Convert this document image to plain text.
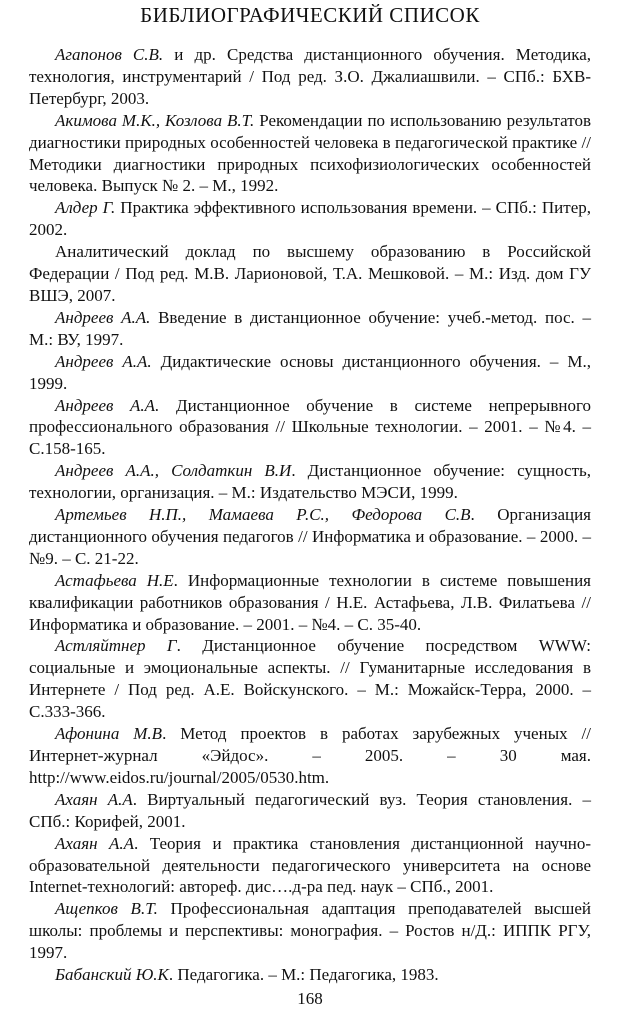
БИБЛИОГРАФИЧЕСКИЙ СПИСОК

Агапонов С.В. и др. Средства дистанционного обучения. Методика, технология, инструментарий / Под ред. З.О. Джалиашвили. – СПб.: БХВ-Петербург, 2003.

Акимова М.К., Козлова В.Т. Рекомендации по использованию результатов диагностики природных особенностей человека в педагогической практике // Методики диагностики природных психофизиологических особенностей человека. Выпуск № 2. – М., 1992.

Алдер Г. Практика эффективного использования времени. – СПб.: Питер, 2002.

Аналитический доклад по высшему образованию в Российской Федерации / Под ред. М.В. Ларионовой, Т.А. Мешковой. – М.: Изд. дом ГУ ВШЭ, 2007.

Андреев А.А. Введение в дистанционное обучение: учеб.-метод. пос. – М.: ВУ, 1997.

Андреев А.А. Дидактические основы дистанционного обучения. – М., 1999.

Андреев А.А. Дистанционное обучение в системе непрерывного профессионального образования // Школьные технологии. – 2001. – №4. – С.158-165.

Андреев А.А., Солдаткин В.И. Дистанционное обучение: сущность, технологии, организация. – М.: Издательство МЭСИ, 1999.

Артемьев Н.П., Мамаева Р.С., Федорова С.В. Организация дистанционного обучения педагогов // Информатика и образование. – 2000. – №9. – С. 21-22.

Астафьева Н.Е. Информационные технологии в системе повышения квалификации работников образования / Н.Е. Астафьева, Л.В. Филатьева // Информатика и образование. – 2001. – №4. – С. 35-40.

Астляйтнер Г. Дистанционное обучение посредством WWW: социальные и эмоциональные аспекты. // Гуманитарные исследования в Интернете / Под ред. А.Е. Войскунского. – М.: Можайск-Терра, 2000. – С.333-366.

Афонина М.В. Метод проектов в работах зарубежных ученых // Интернет-журнал «Эйдос». – 2005. – 30 мая. http://www.eidos.ru/journal/2005/0530.htm.

Ахаян А.А. Виртуальный педагогический вуз. Теория становления. – СПб.: Корифей, 2001.

Ахаян А.А. Теория и практика становления дистанционной научно-образовательной деятельности педагогического университета на основе Internet-технологий: автореф. дис….д-ра пед. наук – СПб., 2001.

Ащепков В.Т. Профессиональная адаптация преподавателей высшей школы: проблемы и перспективы: монография. – Ростов н/Д.: ИППК РГУ, 1997.

Бабанский Ю.К. Педагогика. – М.: Педагогика, 1983.

168
